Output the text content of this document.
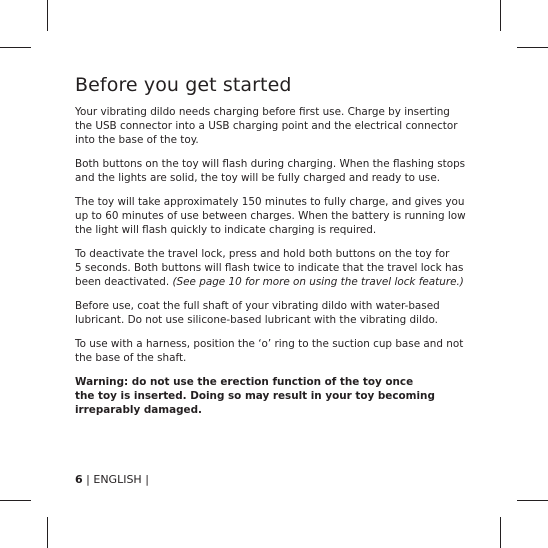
Before you get started

Your vibrating dildo needs charging before first use. Charge by inserting
the USB connector into a USB charging point and the electrical connector
into the base of the toy.

Both buttons on the toy will flash during charging. When the flashing stops
and the lights are solid, the toy will be fully charged and ready to use.

The toy will take approximately 150 minutes to fully charge, and gives you
up to 60 minutes of use between charges. When the battery is running low
the light will flash quickly to indicate charging is required.

To deactivate the travel lock, press and hold both buttons on the toy for
5 seconds. Both buttons will flash twice to indicate that the travel lock has
been deactivated. (See page 10 for more on using the travel lock feature.)

Before use, coat the full shaft of your vibrating dildo with water-based
lubricant. Do not use silicone-based lubricant with the vibrating dildo.

To use with a harness, position the ‘o’ ring to the suction cup base and not
the base of the shaft.

Warning: do not use the erection function of the toy once
the toy is inserted. Doing so may result in your toy becoming
irreparably damaged.

6 | ENGLISH |
